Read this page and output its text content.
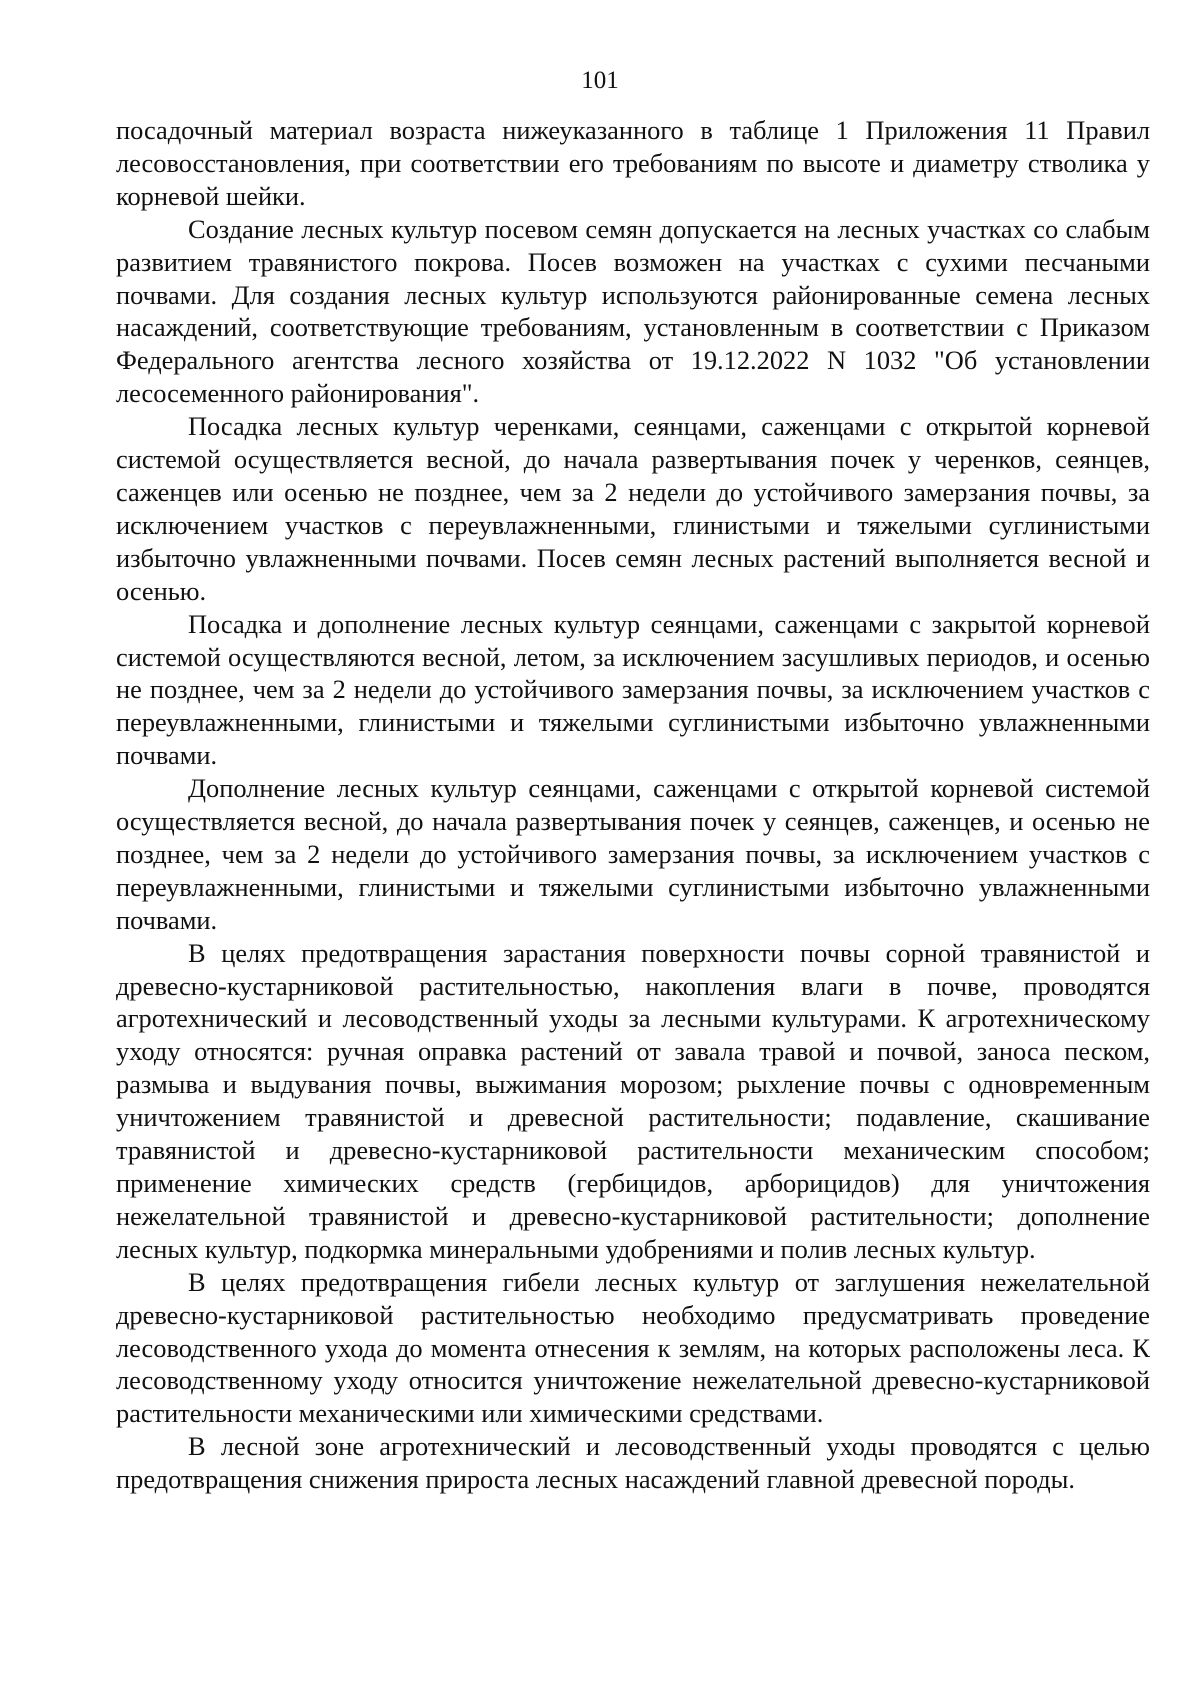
101

посадочный материал возраста нижеуказанного в таблице 1 Приложения 11 Правил лесовосстановления, при соответствии его требованиям по высоте и диаметру стволика у корневой шейки.

Создание лесных культур посевом семян допускается на лесных участках со слабым развитием травянистого покрова. Посев возможен на участках с сухими песчаными почвами. Для создания лесных культур используются районированные семена лесных насаждений, соответствующие требованиям, установленным в соответствии с Приказом Федерального агентства лесного хозяйства от 19.12.2022 N 1032 "Об установлении лесосеменного районирования".

Посадка лесных культур черенками, сеянцами, саженцами с открытой корневой системой осуществляется весной, до начала развертывания почек у черенков, сеянцев, саженцев или осенью не позднее, чем за 2 недели до устойчивого замерзания почвы, за исключением участков с переувлажненными, глинистыми и тяжелыми суглинистыми избыточно увлажненными почвами. Посев семян лесных растений выполняется весной и осенью.

Посадка и дополнение лесных культур сеянцами, саженцами с закрытой корневой системой осуществляются весной, летом, за исключением засушливых периодов, и осенью не позднее, чем за 2 недели до устойчивого замерзания почвы, за исключением участков с переувлажненными, глинистыми и тяжелыми суглинистыми избыточно увлажненными почвами.

Дополнение лесных культур сеянцами, саженцами с открытой корневой системой осуществляется весной, до начала развертывания почек у сеянцев, саженцев, и осенью не позднее, чем за 2 недели до устойчивого замерзания почвы, за исключением участков с переувлажненными, глинистыми и тяжелыми суглинистыми избыточно увлажненными почвами.

В целях предотвращения зарастания поверхности почвы сорной травянистой и древесно-кустарниковой растительностью, накопления влаги в почве, проводятся агротехнический и лесоводственный уходы за лесными культурами. К агротехническому уходу относятся: ручная оправка растений от завала травой и почвой, заноса песком, размыва и выдувания почвы, выжимания морозом; рыхление почвы с одновременным уничтожением травянистой и древесной растительности; подавление, скашивание травянистой и древесно-кустарниковой растительности механическим способом; применение химических средств (гербицидов, арборицидов) для уничтожения нежелательной травянистой и древесно-кустарниковой растительности; дополнение лесных культур, подкормка минеральными удобрениями и полив лесных культур.

В целях предотвращения гибели лесных культур от заглушения нежелательной древесно-кустарниковой растительностью необходимо предусматривать проведение лесоводственного ухода до момента отнесения к землям, на которых расположены леса. К лесоводственному уходу относится уничтожение нежелательной древесно-кустарниковой растительности механическими или химическими средствами.

В лесной зоне агротехнический и лесоводственный уходы проводятся с целью предотвращения снижения прироста лесных насаждений главной древесной породы.
